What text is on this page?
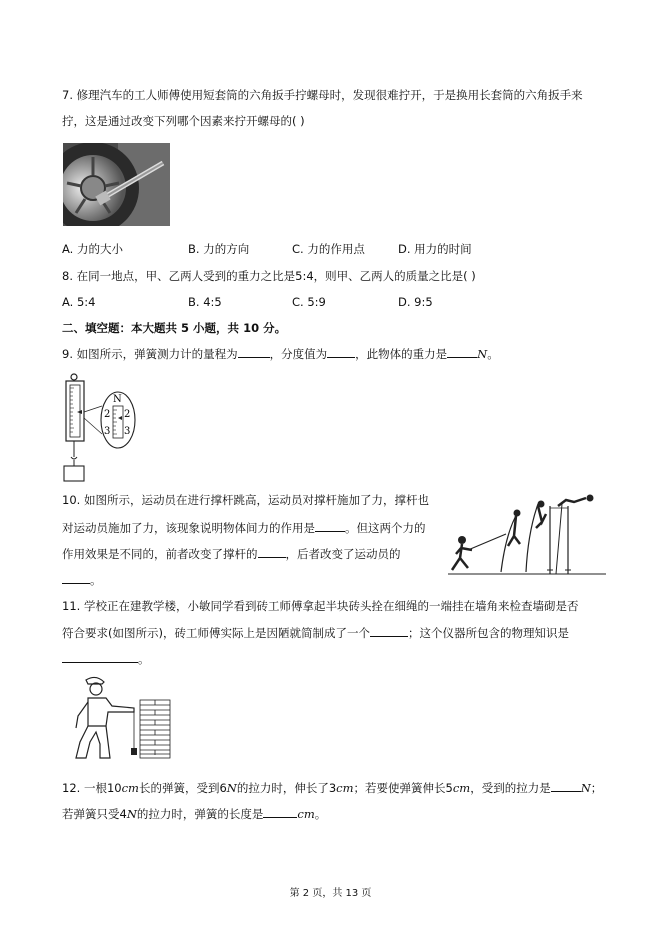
7. 修理汽车的工人师傅使用短套筒的六角扳手拧螺母时，发现很难拧开，于是换用长套筒的六角扳手来
拧，这是通过改变下列哪个因素来拧开螺母的( )
A. 力的大小	B. 力的方向	C. 力的作用点	D. 用力的时间
8. 在同一地点，甲、乙两人受到的重力之比是5:4，则甲、乙两人的质量之比是( )
A. 5:4	B. 4:5	C. 5:9	D. 9:5
二、填空题：本大题共 5 小题，共 10 分。
9. 如图所示，弹簧测力计的量程为	，分度值为 ，此物体的重力是	N。
N
2
3
2
3
10. 如图所示，运动员在进行撑杆跳高，运动员对撑杆施加了力，撑杆也
对运动员施加了力，该现象说明物体间力的作用是	。但这两个力的
作用效果是不同的，前者改变了撑杆的 ，后者改变了运动员的
。
11. 学校正在建教学楼，小敏同学看到砖工师傅拿起半块砖头拴在细绳的一端挂在墙角来检查墙砌是否
符合要求(如图所示)，砖工师傅实际上是因陋就简制成了一个	；这个仪器所包含的物理知识是
。
12. 一根10cm长的弹簧，受到6N的拉力时，伸长了3cm；若要使弹簧伸长5cm，受到的拉力是	N；
若弹簧只受4N的拉力时，弹簧的长度是	cm。
第 2 页，共 13 页
